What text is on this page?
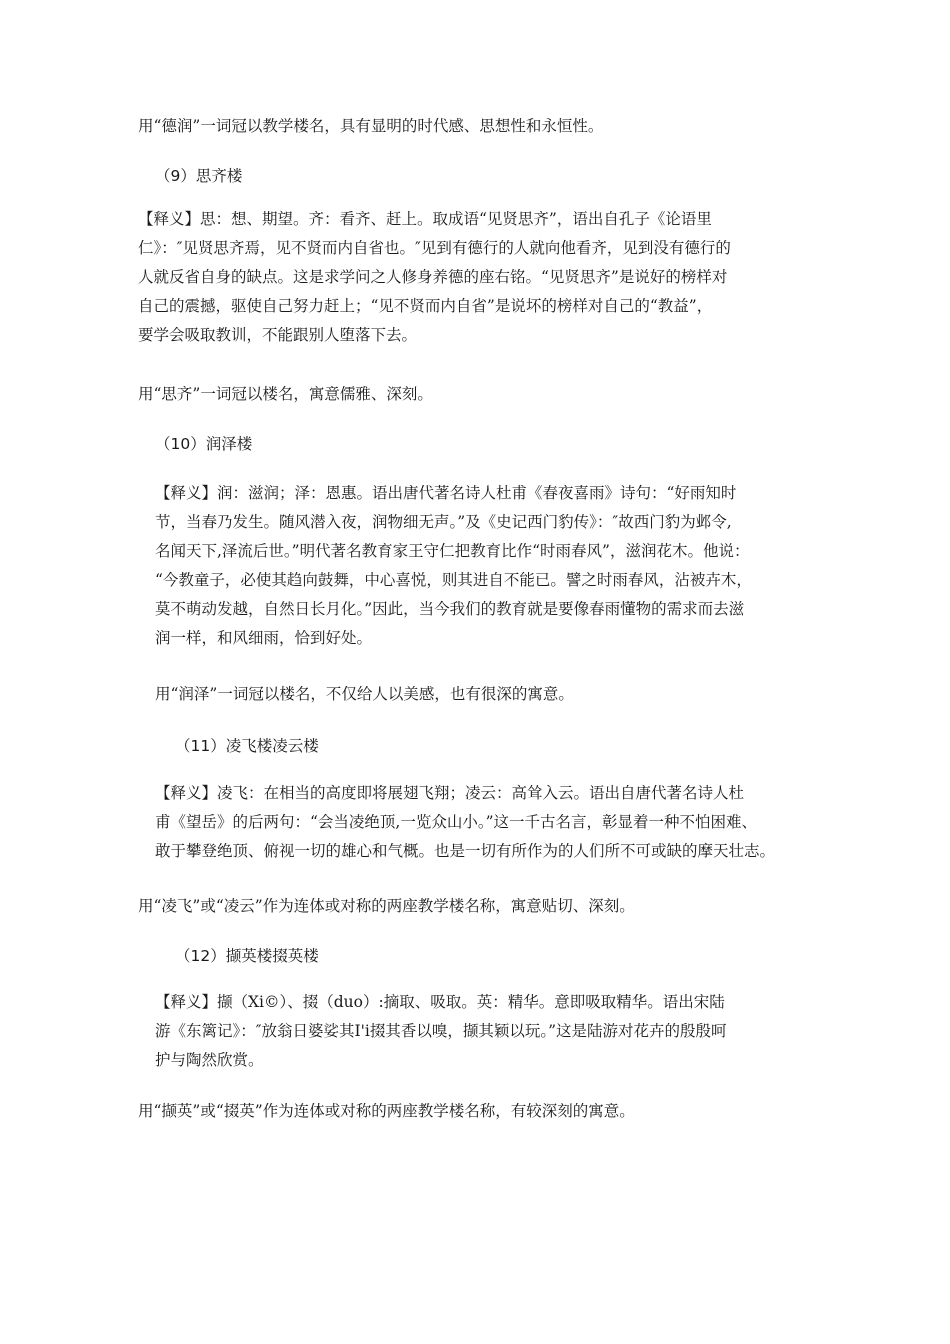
用“德润”一词冠以教学楼名，具有显明的时代感、思想性和永恒性。
（9）思齐楼
【释义】思：想、期望。齐：看齐、赶上。取成语“见贤思齐”，语出自孔子《论语里
仁》：″见贤思齐焉，见不贤而内自省也。″见到有德行的人就向他看齐，见到没有德行的
人就反省自身的缺点。这是求学问之人修身养德的座右铭。“见贤思齐”是说好的榜样对
自己的震撼，驱使自己努力赶上；“见不贤而内自省”是说坏的榜样对自己的“教益”，
要学会吸取教训，不能跟别人堕落下去。
用“思齐”一词冠以楼名，寓意儒雅、深刻。
（10）润泽楼
【释义】润：滋润；泽：恩惠。语出唐代著名诗人杜甫《春夜喜雨》诗句：“好雨知时
节，当春乃发生。随风潜入夜，润物细无声。”及《史记西门豹传》：″故西门豹为邺令,
名闻天下,泽流后世。”明代著名教育家王守仁把教育比作“时雨春风”，滋润花木。他说：
“今教童子，必使其趋向鼓舞，中心喜悦，则其进自不能已。譬之时雨春风，沾被卉木，
莫不萌动发越，自然日长月化。”因此，当今我们的教育就是要像春雨懂物的需求而去滋
润一样，和风细雨，恰到好处。
用“润泽”一词冠以楼名，不仅给人以美感，也有很深的寓意。
（11）凌飞楼凌云楼
【释义】凌飞：在相当的高度即将展翅飞翔；凌云：高耸入云。语出自唐代著名诗人杜
甫《望岳》的后两句：“会当凌绝顶,一览众山小。”这一千古名言，彰显着一种不怕困难、
敢于攀登绝顶、俯视一切的雄心和气概。也是一切有所作为的人们所不可或缺的摩天壮志。
用“凌飞”或“凌云”作为连体或对称的两座教学楼名称，寓意贴切、深刻。
（12）撷英楼掇英楼
【释义】撷（Xi©）、掇（duo）:摘取、吸取。英：精华。意即吸取精华。语出宋陆
游《东篱记》：″放翁日婆娑其I'i掇其香以嗅，撷其颖以玩。”这是陆游对花卉的殷殷呵
护与陶然欣赏。
用“撷英”或“掇英”作为连体或对称的两座教学楼名称，有较深刻的寓意。
